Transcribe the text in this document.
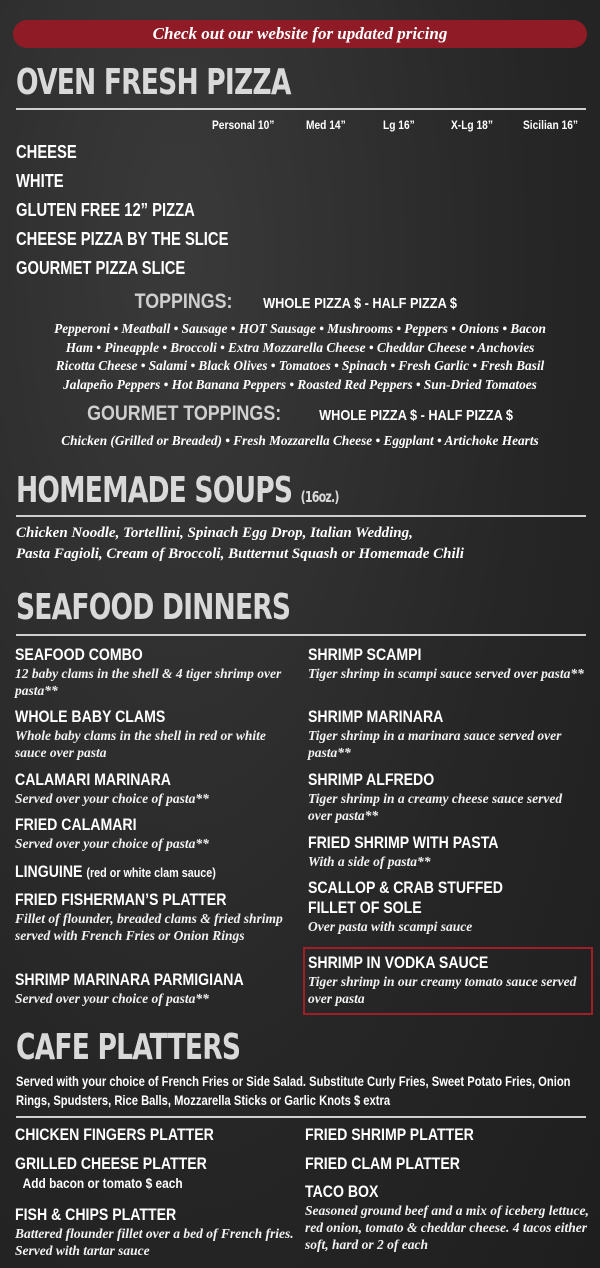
Check out our website for updated pricing
OVEN FRESH PIZZA
Personal 10”	Med 14”	Lg 16”	X-Lg 18”	Sicilian 16”
CHEESE
WHITE
GLUTEN FREE 12” PIZZA
CHEESE PIZZA BY THE SLICE
GOURMET PIZZA SLICE
TOPPINGS: WHOLE PIZZA $ - HALF PIZZA $
Pepperoni • Meatball • Sausage • HOT Sausage • Mushrooms • Peppers • Onions • Bacon
Ham • Pineapple • Broccoli • Extra Mozzarella Cheese • Cheddar Cheese • Anchovies
Ricotta Cheese • Salami • Black Olives • Tomatoes • Spinach • Fresh Garlic • Fresh Basil
Jalapeño Peppers • Hot Banana Peppers • Roasted Red Peppers • Sun-Dried Tomatoes
GOURMET TOPPINGS:	WHOLE PIZZA $ - HALF PIZZA $
Chicken (Grilled or Breaded) • Fresh Mozzarella Cheese • Eggplant • Artichoke Hearts
HOMEMADE SOUPS (16oz.)
Chicken Noodle, Tortellini, Spinach Egg Drop, Italian Wedding,
Pasta Fagioli, Cream of Broccoli, Butternut Squash or Homemade Chili
SEAFOOD DINNERS
SEAFOOD COMBO
12 baby clams in the shell & 4 tiger shrimp over pasta**
WHOLE BABY CLAMS
Whole baby clams in the shell in red or white sauce over pasta
CALAMARI MARINARA
Served over your choice of pasta**
FRIED CALAMARI
Served over your choice of pasta**
LINGUINE (red or white clam sauce)
FRIED FISHERMAN’S PLATTER
Fillet of flounder, breaded clams & fried shrimp served with French Fries or Onion Rings
SHRIMP MARINARA PARMIGIANA
Served over your choice of pasta**
SHRIMP SCAMPI
Tiger shrimp in scampi sauce served over pasta**
SHRIMP MARINARA
Tiger shrimp in a marinara sauce served over pasta**
SHRIMP ALFREDO
Tiger shrimp in a creamy cheese sauce served over pasta**
FRIED SHRIMP WITH PASTA
With a side of pasta**
SCALLOP & CRAB STUFFED
FILLET OF SOLE
Over pasta with scampi sauce
SHRIMP IN VODKA SAUCE
Tiger shrimp in our creamy tomato sauce served over pasta
CAFE PLATTERS
Served with your choice of French Fries or Side Salad. Substitute Curly Fries, Sweet Potato Fries, Onion Rings, Spudsters, Rice Balls, Mozzarella Sticks or Garlic Knots $ extra
CHICKEN FINGERS PLATTER
GRILLED CHEESE PLATTER
Add bacon or tomato $ each
FISH & CHIPS PLATTER
Battered flounder fillet over a bed of French fries. Served with tartar sauce
FRIED SHRIMP PLATTER
FRIED CLAM PLATTER
TACO BOX
Seasoned ground beef and a mix of iceberg lettuce, red onion, tomato & cheddar cheese. 4 tacos either soft, hard or 2 of each
